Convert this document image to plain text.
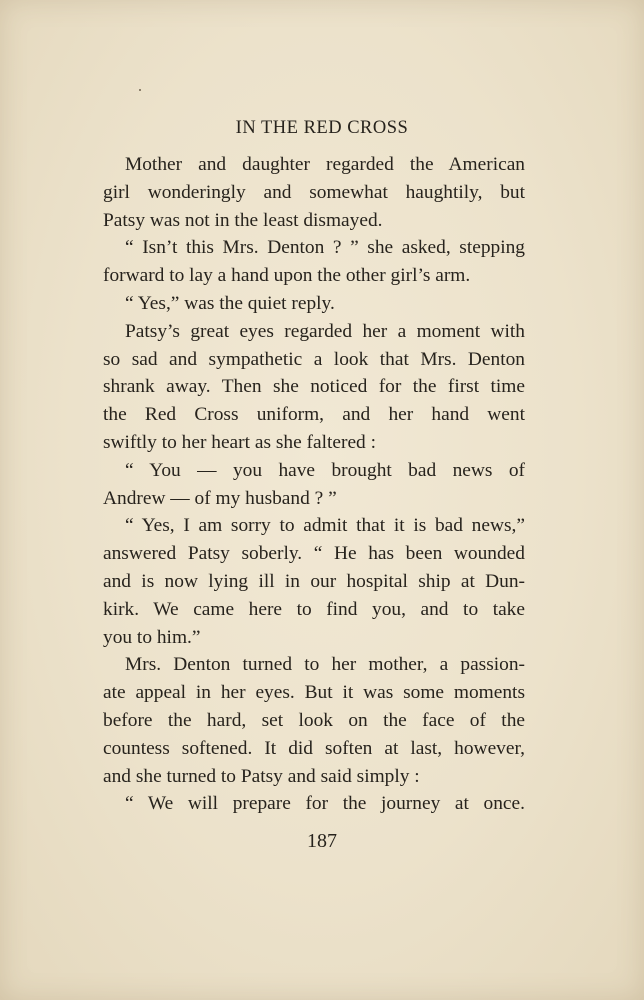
IN THE RED CROSS
Mother and daughter regarded the American
girl wonderingly and somewhat haughtily, but
Patsy was not in the least dismayed.
“ Isn’t this Mrs. Denton ? ” she asked, stepping
forward to lay a hand upon the other girl’s arm.
“ Yes,” was the quiet reply.
Patsy’s great eyes regarded her a moment with
so sad and sympathetic a look that Mrs. Denton
shrank away. Then she noticed for the first time
the Red Cross uniform, and her hand went
swiftly to her heart as she faltered :
“ You — you have brought bad news of
Andrew — of my husband ? ”
“ Yes, I am sorry to admit that it is bad news,”
answered Patsy soberly. “ He has been wounded
and is now lying ill in our hospital ship at Dun-
kirk. We came here to find you, and to take
you to him.”
Mrs. Denton turned to her mother, a passion-
ate appeal in her eyes. But it was some moments
before the hard, set look on the face of the
countess softened. It did soften at last, however,
and she turned to Patsy and said simply :
“ We will prepare for the journey at once.
187
